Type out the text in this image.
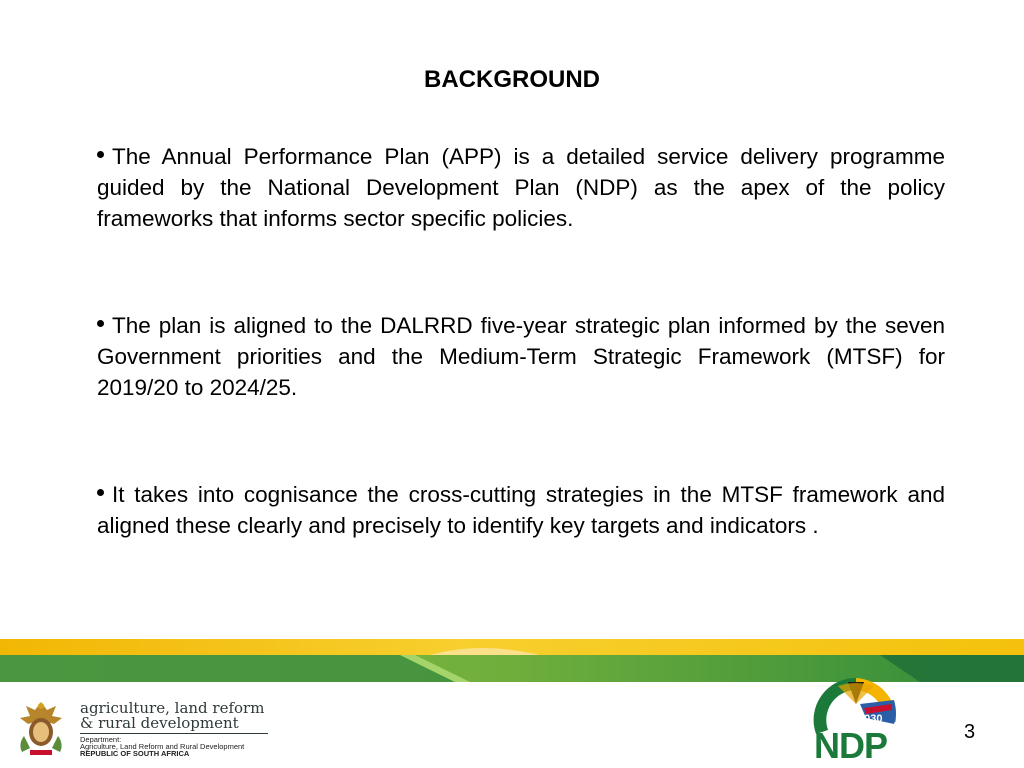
BACKGROUND
The Annual Performance Plan (APP) is a detailed service delivery programme guided by the National Development Plan (NDP) as the apex of the policy frameworks that informs sector specific policies.
The plan is aligned to the DALRRD five-year strategic plan informed by the seven Government priorities and the Medium-Term Strategic Framework (MTSF) for 2019/20 to 2024/25.
It takes into cognisance the cross-cutting strategies in the MTSF framework and aligned these clearly and precisely to identify key targets and indicators .
agriculture, land reform
& rural development
Department:
Agriculture, Land Reform and Rural Development
REPUBLIC OF SOUTH AFRICA
2030
NDP	3
